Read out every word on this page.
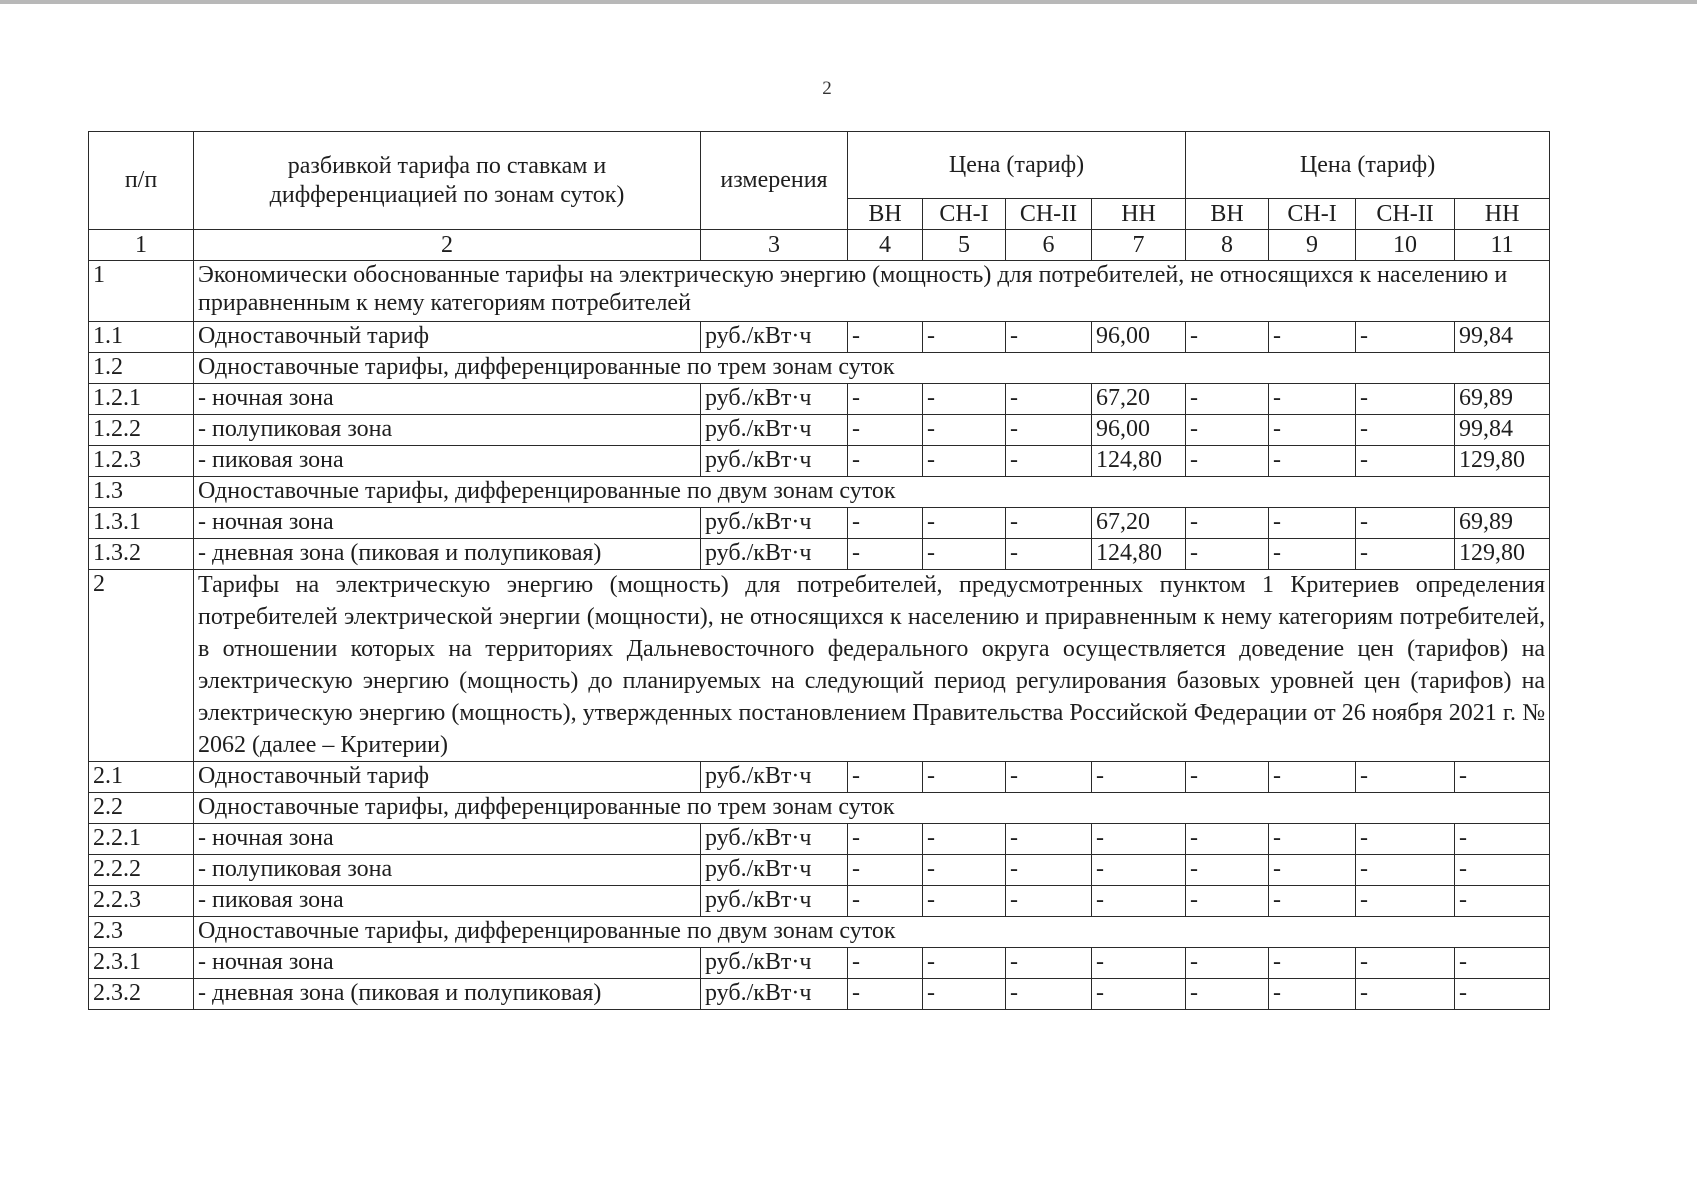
2
п/п	разбивкой тарифа по ставкам и дифференциацией по зонам суток)	измерения	Цена (тариф)				Цена (тариф)			
			ВН	СН-I	СН-II	НН	ВН	СН-I	СН-II	НН
1	2	3	4	5	6	7	8	9	10	11
1	Экономически обоснованные тарифы на электрическую энергию (мощность) для потребителей, не относящихся к населению и приравненным к нему категориям потребителей									
1.1	Одноставочный тариф	руб./кВт·ч	-	-	-	96,00	-	-	-	99,84
1.2	Одноставочные тарифы, дифференцированные по трем зонам суток									
1.2.1	- ночная зона	руб./кВт·ч	-	-	-	67,20	-	-	-	69,89
1.2.2	- полупиковая зона	руб./кВт·ч	-	-	-	96,00	-	-	-	99,84
1.2.3	- пиковая зона	руб./кВт·ч	-	-	-	124,80	-	-	-	129,80
1.3	Одноставочные тарифы, дифференцированные по двум зонам суток									
1.3.1	- ночная зона	руб./кВт·ч	-	-	-	67,20	-	-	-	69,89
1.3.2	- дневная зона (пиковая и полупиковая)	руб./кВт·ч	-	-	-	124,80	-	-	-	129,80
2	Тарифы на электрическую энергию (мощность) для потребителей, предусмотренных пунктом 1 Критериев определения потребителей электрической энергии (мощности), не относящихся к населению и приравненным к нему категориям потребителей, в отношении которых на территориях Дальневосточного федерального округа осуществляется доведение цен (тарифов) на электрическую энергию (мощность) до планируемых на следующий период регулирования базовых уровней цен (тарифов) на электрическую энергию (мощность), утвержденных постановлением Правительства Российской Федерации от 26 ноября 2021 г. № 2062 (далее – Критерии)									
2.1	Одноставочный тариф	руб./кВт·ч	-	-	-	-	-	-	-	-
2.2	Одноставочные тарифы, дифференцированные по трем зонам суток									
2.2.1	- ночная зона	руб./кВт·ч	-	-	-	-	-	-	-	-
2.2.2	- полупиковая зона	руб./кВт·ч	-	-	-	-	-	-	-	-
2.2.3	- пиковая зона	руб./кВт·ч	-	-	-	-	-	-	-	-
2.3	Одноставочные тарифы, дифференцированные по двум зонам суток									
2.3.1	- ночная зона	руб./кВт·ч	-	-	-	-	-	-	-	-
2.3.2	- дневная зона (пиковая и полупиковая)	руб./кВт·ч	-	-	-	-	-	-	-	-
